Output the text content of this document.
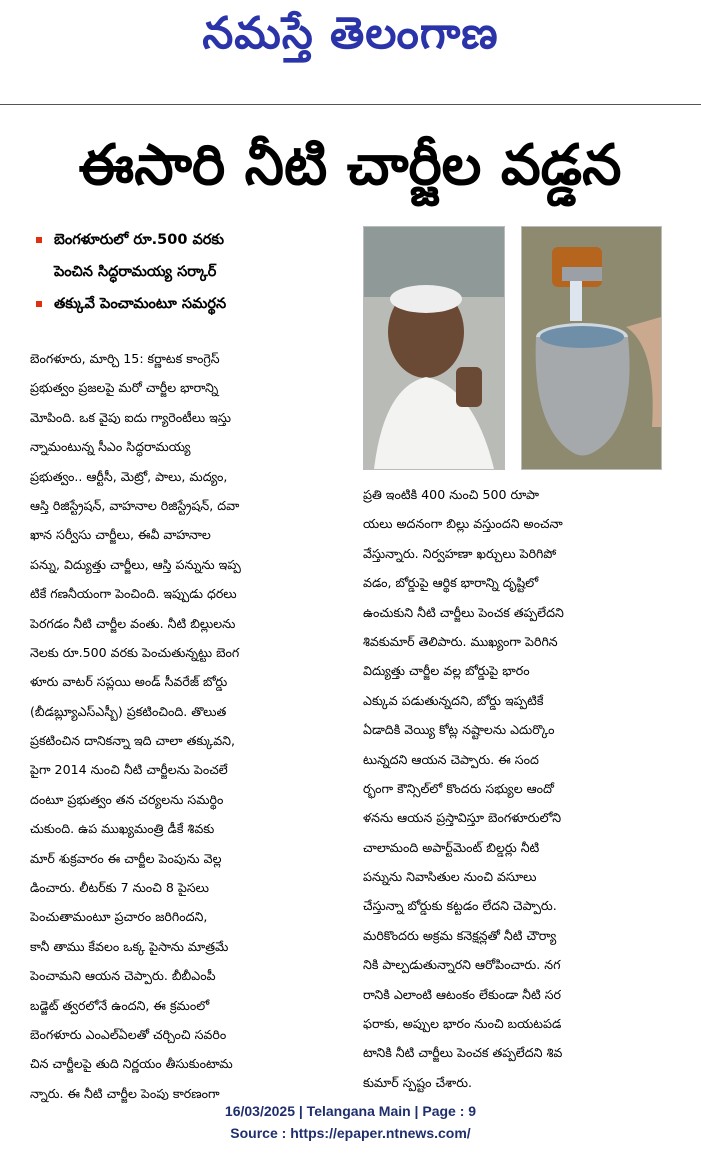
నమస్తే తెలంగాణ
ఈసారి నీటి చార్జీల వడ్డన
బెంగళూరులో రూ.500 వరకు
పెంచిన సిద్ధరామయ్య సర్కార్
తక్కువే పెంచామంటూ సమర్థన
బెంగళూరు, మార్చి 15: కర్ణాటక కాంగ్రెస్
ప్రభుత్వం ప్రజలపై మరో చార్జీల భారాన్ని
మోపింది. ఒక వైపు ఐదు గ్యారెంటీలు ఇస్తు
న్నామంటున్న సీఎం సిద్ధరామయ్య
ప్రభుత్వం.. ఆర్టీసీ, మెట్రో, పాలు, మద్యం,
ఆస్తి రిజిస్ట్రేషన్, వాహనాల రిజిస్ట్రేషన్, దవా
ఖాన సర్వీసు చార్జీలు, ఈవీ వాహనాల
పన్ను, విద్యుత్తు చార్జీలు, ఆస్తి పన్నును ఇప్ప
టికే గణనీయంగా పెంచింది. ఇప్పుడు ధరలు
పెరగడం నీటి చార్జీల వంతు. నీటి బిల్లులను
నెలకు రూ.500 వరకు పెంచుతున్నట్టు బెంగ
ళూరు వాటర్ సప్లయి అండ్ సీవరేజ్ బోర్డు
(బీడబ్ల్యూఎస్ఎస్బీ) ప్రకటించింది. తొలుత
ప్రకటించిన దానికన్నా ఇది చాలా తక్కువని,
పైగా 2014 నుంచి నీటి చార్జీలను పెంచలే
దంటూ ప్రభుత్వం తన చర్యలను సమర్థిం
చుకుంది. ఉప ముఖ్యమంత్రి డీకే శివకు
మార్ శుక్రవారం ఈ చార్జీల పెంపును వెల్ల
డించారు. లీటర్‌కు 7 నుంచి 8 పైసలు
పెంచుతామంటూ ప్రచారం జరిగిందని,
కానీ తాము కేవలం ఒక్క పైసాను మాత్రమే
పెంచామని ఆయన చెప్పారు. బీబీఎంపీ
బడ్జెట్ త్వరలోనే ఉందని, ఈ క్రమంలో
బెంగళూరు ఎంఎల్ఏలతో చర్చించి సవరిం
చిన చార్జీలపై తుది నిర్ణయం తీసుకుంటామ
న్నారు. ఈ నీటి చార్జీల పెంపు కారణంగా
ప్రతి ఇంటికి 400 నుంచి 500 రూపా
యలు అదనంగా బిల్లు వస్తుందని అంచనా
వేస్తున్నారు. నిర్వహణా ఖర్చులు పెరిగిపో
వడం, బోర్డుపై ఆర్థిక భారాన్ని దృష్టిలో
ఉంచుకుని నీటి చార్జీలు పెంచక తప్పలేదని
శివకుమార్ తెలిపారు. ముఖ్యంగా పెరిగిన
విద్యుత్తు చార్జీల వల్ల బోర్డుపై భారం
ఎక్కువ పడుతున్నదని, బోర్డు ఇప్పటికే
ఏడాదికి వెయ్యి కోట్ల నష్టాలను ఎదుర్కొం
టున్నదని ఆయన చెప్పారు. ఈ సంద
ర్భంగా కౌన్సిల్‌లో కొందరు సభ్యుల ఆందో
ళనను ఆయన ప్రస్తావిస్తూ బెంగళూరులోని
చాలామంది అపార్ట్‌మెంట్ బిల్డర్లు నీటి
పన్నును నివాసితుల నుంచి వసూలు
చేస్తున్నా బోర్డుకు కట్టడం లేదని చెప్పారు.
మరికొందరు అక్రమ కనెక్షన్లతో నీటి చౌర్యా
నికి పాల్పడుతున్నారని ఆరోపించారు. నగ
రానికి ఎలాంటి ఆటంకం లేకుండా నీటి సర
ఫరాకు, అప్పుల భారం నుంచి బయటపడ
టానికి నీటి చార్జీలు పెంచక తప్పలేదని శివ
కుమార్ స్పష్టం చేశారు.
16/03/2025 | Telangana Main | Page : 9
Source : https://epaper.ntnews.com/
